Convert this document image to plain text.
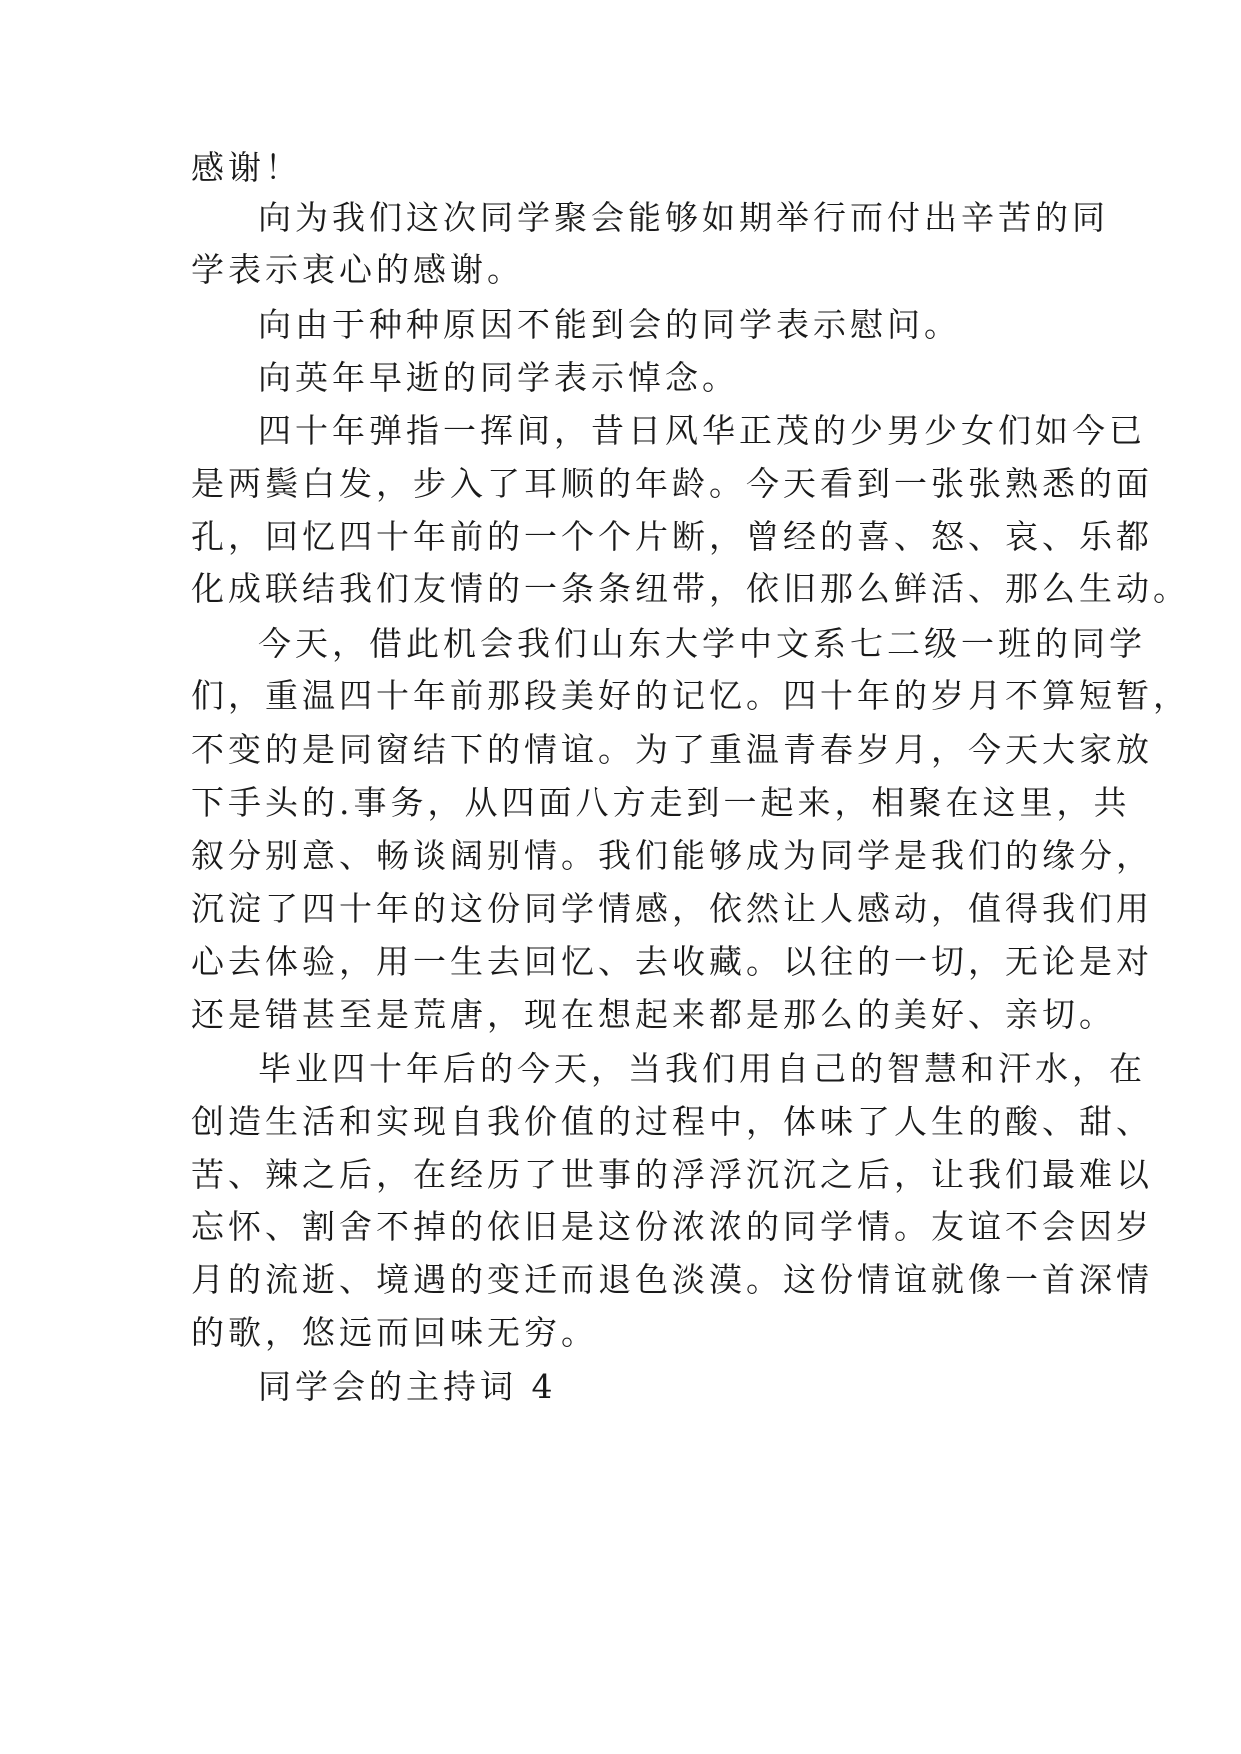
感谢！
向为我们这次同学聚会能够如期举行而付出辛苦的同
学表示衷心的感谢。
向由于种种原因不能到会的同学表示慰问。
向英年早逝的同学表示悼念。
四十年弹指一挥间，昔日风华正茂的少男少女们如今已
是两鬓白发，步入了耳顺的年龄。今天看到一张张熟悉的面
孔，回忆四十年前的一个个片断，曾经的喜、怒、哀、乐都
化成联结我们友情的一条条纽带，依旧那么鲜活、那么生动。
今天，借此机会我们山东大学中文系七二级一班的同学
们，重温四十年前那段美好的记忆。四十年的岁月不算短暂，
不变的是同窗结下的情谊。为了重温青春岁月，今天大家放
下手头的.事务，从四面八方走到一起来，相聚在这里，共
叙分别意、畅谈阔别情。我们能够成为同学是我们的缘分，
沉淀了四十年的这份同学情感，依然让人感动，值得我们用
心去体验，用一生去回忆、去收藏。以往的一切，无论是对
还是错甚至是荒唐，现在想起来都是那么的美好、亲切。
毕业四十年后的今天，当我们用自己的智慧和汗水，在
创造生活和实现自我价值的过程中，体味了人生的酸、甜、
苦、辣之后，在经历了世事的浮浮沉沉之后，让我们最难以
忘怀、割舍不掉的依旧是这份浓浓的同学情。友谊不会因岁
月的流逝、境遇的变迁而退色淡漠。这份情谊就像一首深情
的歌，悠远而回味无穷。
同学会的主持词 4
